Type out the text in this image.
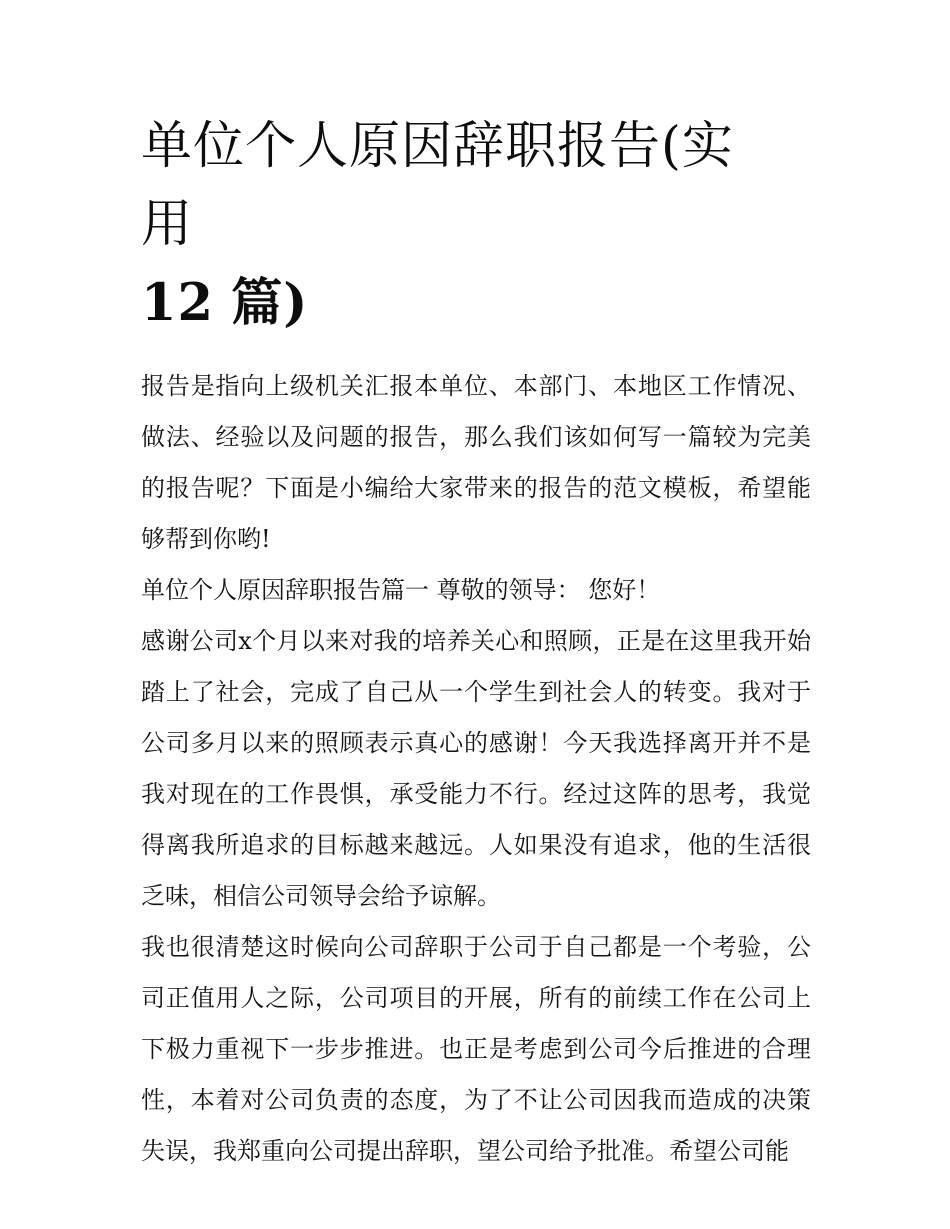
单位个人原因辞职报告(实用
12 篇)

报告是指向上级机关汇报本单位、本部门、本地区工作情况、做法、经验以及问题的报告，那么我们该如何写一篇较为完美的报告呢？下面是小编给大家带来的报告的范文模板，希望能够帮到你哟!

单位个人原因辞职报告篇一 尊敬的领导： 您好！

感谢公司x个月以来对我的培养关心和照顾，正是在这里我开始踏上了社会，完成了自己从一个学生到社会人的转变。我对于公司多月以来的照顾表示真心的感谢！今天我选择离开并不是我对现在的工作畏惧，承受能力不行。经过这阵的思考，我觉得离我所追求的目标越来越远。人如果没有追求，他的生活很乏味，相信公司领导会给予谅解。

我也很清楚这时候向公司辞职于公司于自己都是一个考验，公司正值用人之际，公司项目的开展，所有的前续工作在公司上下极力重视下一步步推进。也正是考虑到公司今后推进的合理性，本着对公司负责的态度，为了不让公司因我而造成的决策失误，我郑重向公司提出辞职，望公司给予批准。希望公司能
